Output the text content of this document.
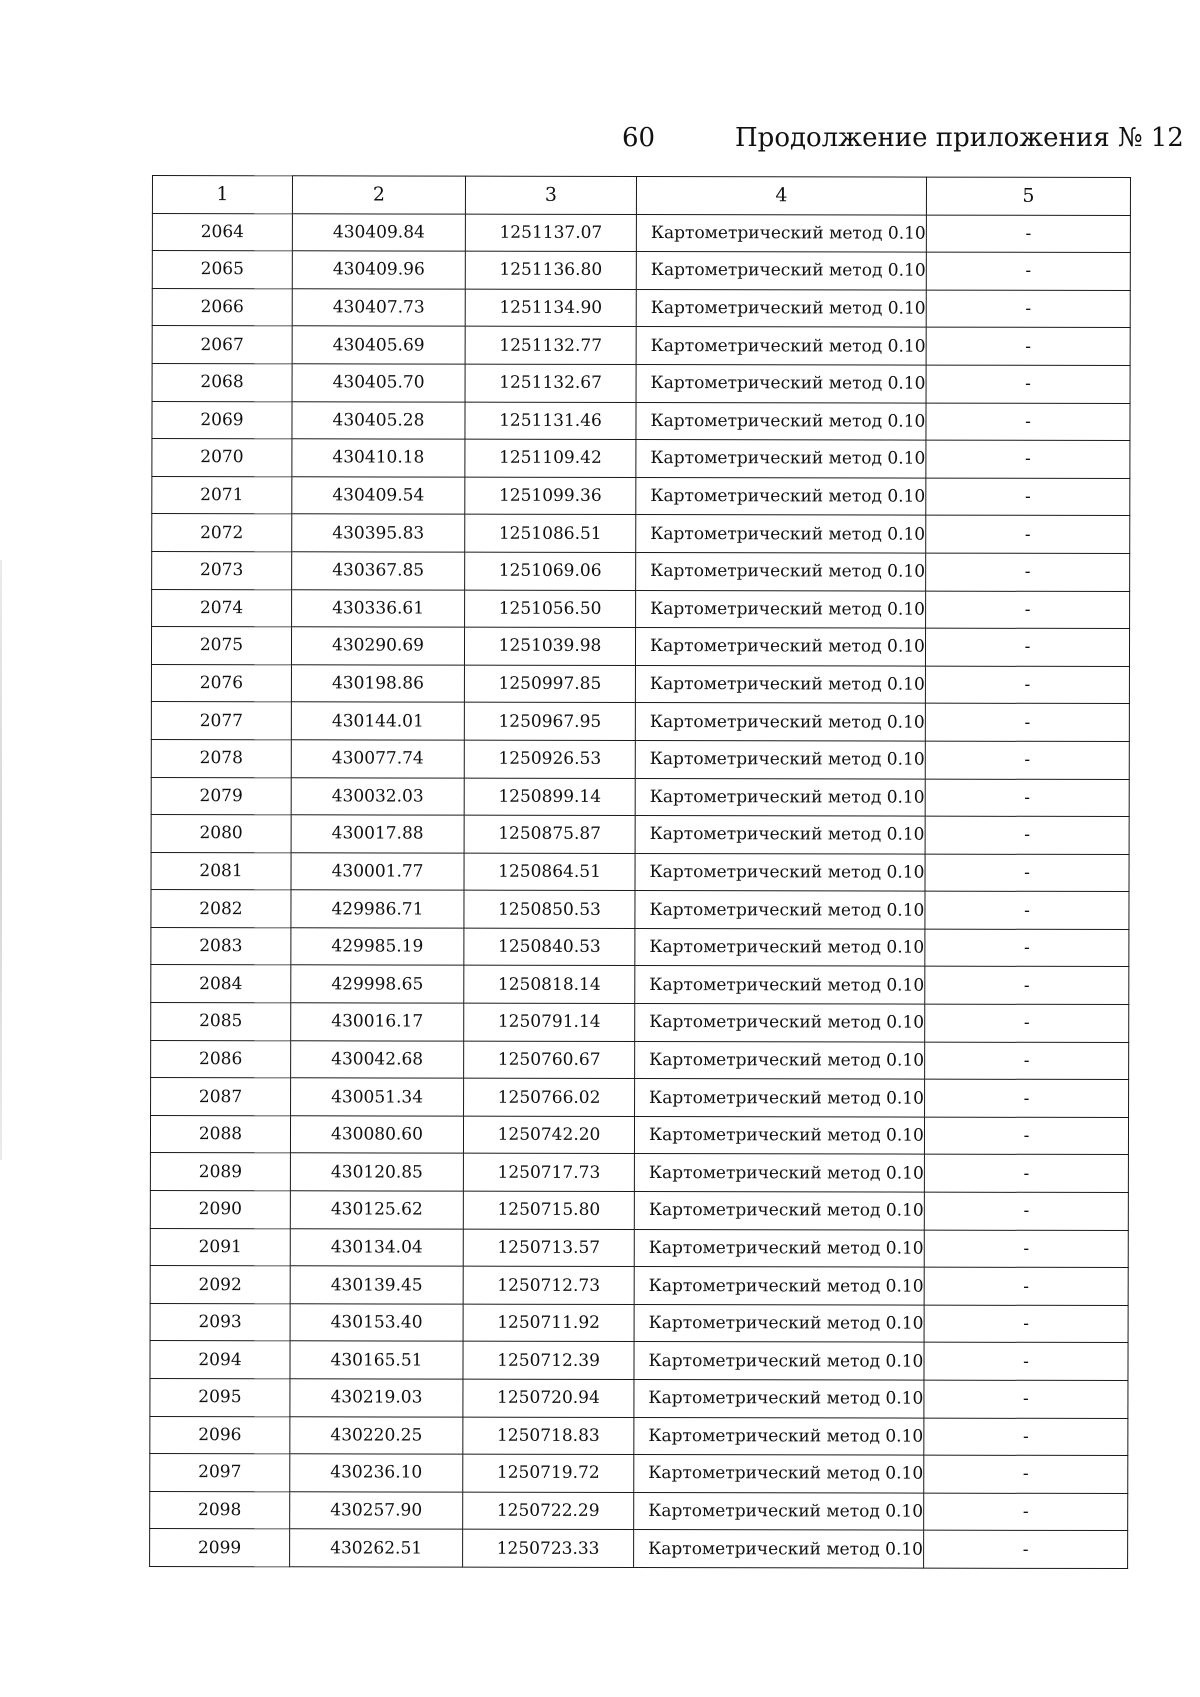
60	Продолжение приложения № 12
1	2	3	4	5
2064	430409.84	1251137.07	Картометрический метод 0.10	-
2065	430409.96	1251136.80	Картометрический метод 0.10	-
2066	430407.73	1251134.90	Картометрический метод 0.10	-
2067	430405.69	1251132.77	Картометрический метод 0.10	-
2068	430405.70	1251132.67	Картометрический метод 0.10	-
2069	430405.28	1251131.46	Картометрический метод 0.10	-
2070	430410.18	1251109.42	Картометрический метод 0.10	-
2071	430409.54	1251099.36	Картометрический метод 0.10	-
2072	430395.83	1251086.51	Картометрический метод 0.10	-
2073	430367.85	1251069.06	Картометрический метод 0.10	-
2074	430336.61	1251056.50	Картометрический метод 0.10	-
2075	430290.69	1251039.98	Картометрический метод 0.10	-
2076	430198.86	1250997.85	Картометрический метод 0.10	-
2077	430144.01	1250967.95	Картометрический метод 0.10	-
2078	430077.74	1250926.53	Картометрический метод 0.10	-
2079	430032.03	1250899.14	Картометрический метод 0.10	-
2080	430017.88	1250875.87	Картометрический метод 0.10	-
2081	430001.77	1250864.51	Картометрический метод 0.10	-
2082	429986.71	1250850.53	Картометрический метод 0.10	-
2083	429985.19	1250840.53	Картометрический метод 0.10	-
2084	429998.65	1250818.14	Картометрический метод 0.10	-
2085	430016.17	1250791.14	Картометрический метод 0.10	-
2086	430042.68	1250760.67	Картометрический метод 0.10	-
2087	430051.34	1250766.02	Картометрический метод 0.10	-
2088	430080.60	1250742.20	Картометрический метод 0.10	-
2089	430120.85	1250717.73	Картометрический метод 0.10	-
2090	430125.62	1250715.80	Картометрический метод 0.10	-
2091	430134.04	1250713.57	Картометрический метод 0.10	-
2092	430139.45	1250712.73	Картометрический метод 0.10	-
2093	430153.40	1250711.92	Картометрический метод 0.10	-
2094	430165.51	1250712.39	Картометрический метод 0.10	-
2095	430219.03	1250720.94	Картометрический метод 0.10	-
2096	430220.25	1250718.83	Картометрический метод 0.10	-
2097	430236.10	1250719.72	Картометрический метод 0.10	-
2098	430257.90	1250722.29	Картометрический метод 0.10	-
2099	430262.51	1250723.33	Картометрический метод 0.10	-
